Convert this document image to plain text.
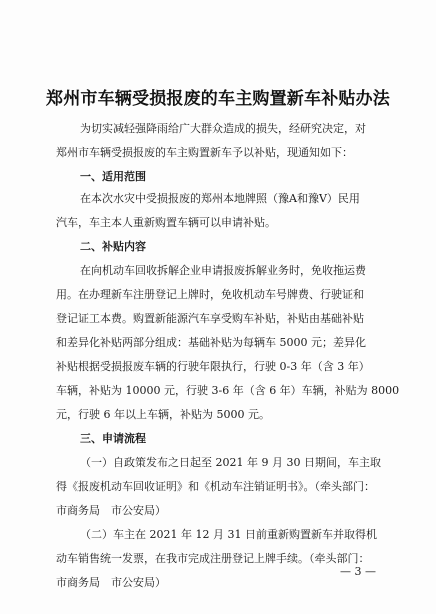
郑州市车辆受损报废的车主购置新车补贴办法
为切实减轻强降雨给广大群众造成的损失，经研究决定，对
郑州市车辆受损报废的车主购置新车予以补贴，现通知如下：
一、适用范围
在本次水灾中受损报废的郑州本地牌照（豫A和豫V）民用
汽车，车主本人重新购置车辆可以申请补贴。
二、补贴内容
在向机动车回收拆解企业申请报废拆解业务时，免收拖运费
用。在办理新车注册登记上牌时，免收机动车号牌费、行驶证和
登记证工本费。购置新能源汽车享受购车补贴，补贴由基础补贴
和差异化补贴两部分组成：基础补贴为每辆车 5000 元；差异化
补贴根据受损报废车辆的行驶年限执行，行驶 0-3 年（含 3 年）
车辆，补贴为 10000 元，行驶 3-6 年（含 6 年）车辆，补贴为 8000
元，行驶 6 年以上车辆，补贴为 5000 元。
三、申请流程
（一）自政策发布之日起至 2021 年 9 月 30 日期间，车主取
得《报废机动车回收证明》和《机动车注销证明书》。（牵头部门：
市商务局　市公安局）
（二）车主在 2021 年 12 月 31 日前重新购置新车并取得机
动车销售统一发票，在我市完成注册登记上牌手续。（牵头部门：
市商务局　市公安局）
— 3 —
